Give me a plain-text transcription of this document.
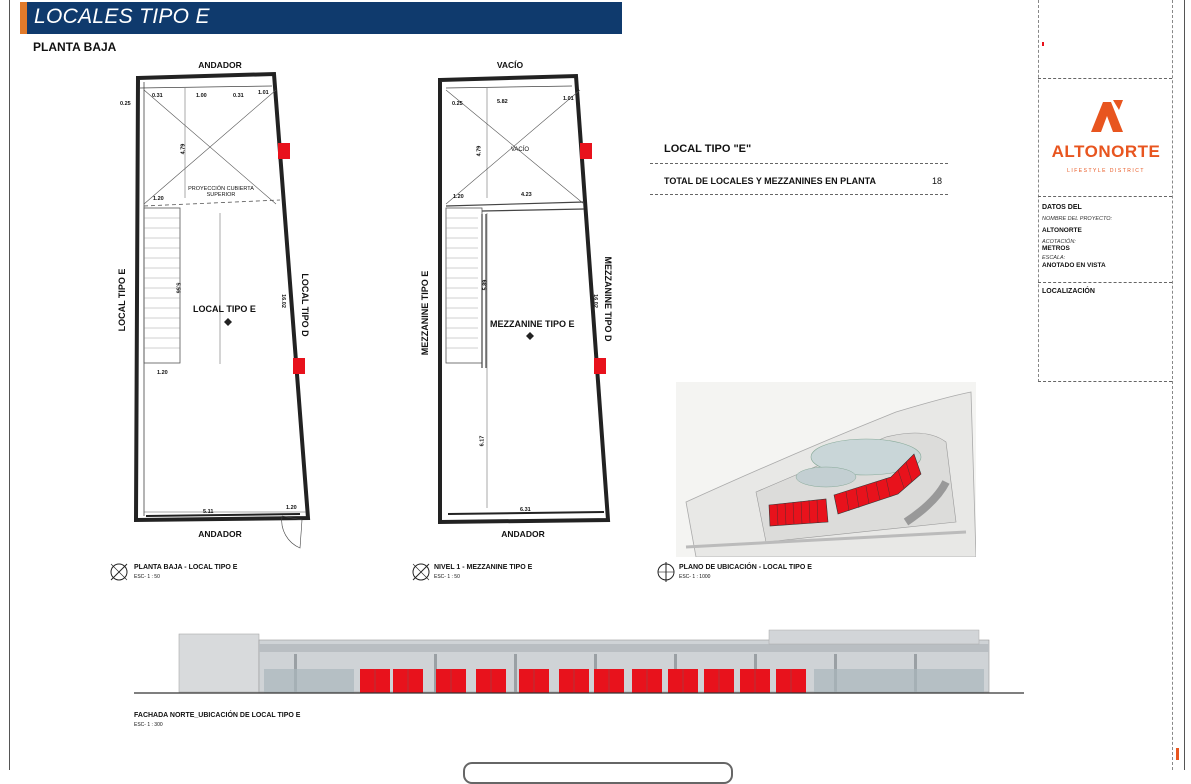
LOCALES TIPO E
PLANTA BAJA
ANDADOR
LOCAL TIPO E
PROYECCIÓN CUBIERTA SUPERIOR
LOCAL TIPO E	LOCAL TIPO D
0.25
0.31	1.00	0.31	1.01
4.79
1.20
5.56
16.02
1.20
5.11
1.20
ANDADOR
PLANTA BAJA - LOCAL TIPO E
ESC- 1 : 50
VACÍO
MEZZANINE TIPO E
VACÍO
MEZZANINE TIPO E	MEZZANINE TIPO D
0.25	5.82	1.01
4.79
1.20	4.23
5.89
16.02
6.17
6.31
ANDADOR
NIVEL 1 - MEZZANINE TIPO E
ESC- 1 : 50
LOCAL TIPO "E"
TOTAL DE LOCALES Y MEZZANINES EN PLANTA	18
PLANO DE UBICACIÓN - LOCAL TIPO E
ESC- 1 : 1000
FACHADA NORTE_UBICACIÓN DE LOCAL TIPO E
ESC- 1 : 300
ALTONORTE
LIFESTYLE DISTRICT
DATOS DEL
NOMBRE DEL PROYECTO:
ALTONORTE
ACOTACIÓN:
METROS
ESCALA:
ANOTADO EN VISTA
LOCALIZACIÓN
